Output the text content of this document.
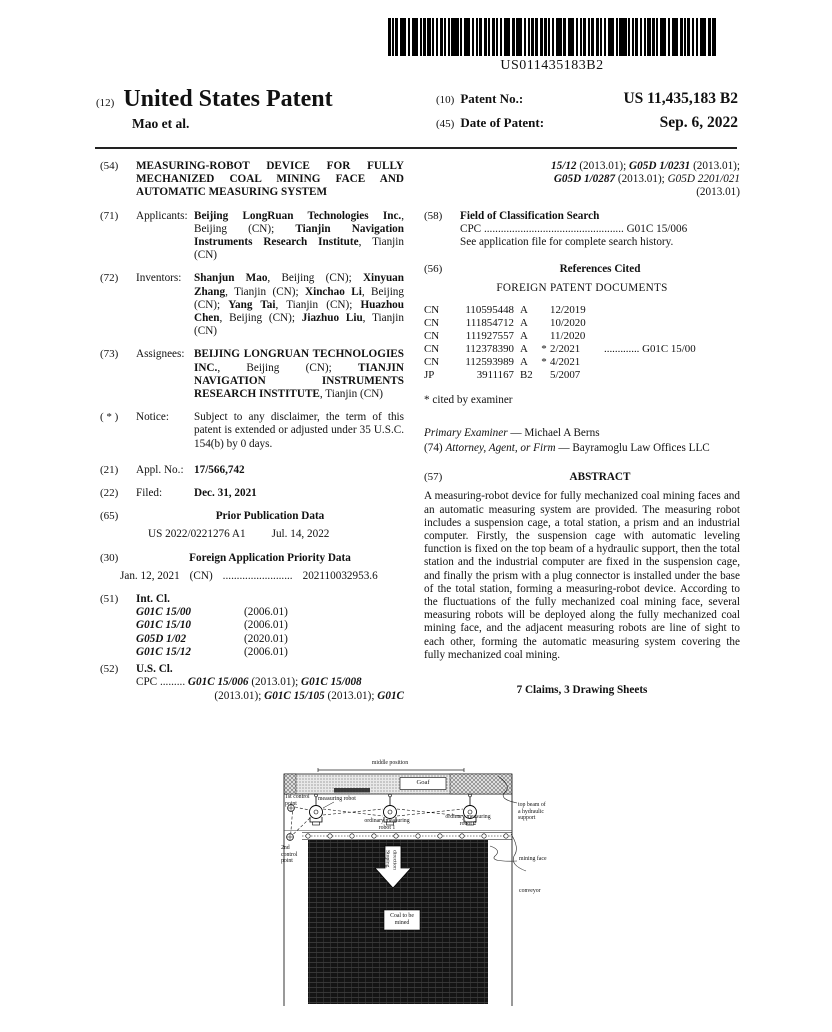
US011435183B2
(12) United States Patent
Mao et al.
(10) Patent No.:	US 11,435,183 B2
(45) Date of Patent:	Sep. 6, 2022
(54)	MEASURING-ROBOT DEVICE FOR FULLY MECHANIZED COAL MINING FACE AND AUTOMATIC MEASURING SYSTEM
(71)	Applicants: Beijing LongRuan Technologies Inc., Beijing (CN); Tianjin Navigation Instruments Research Institute, Tianjin (CN)
(72)	Inventors:	Shanjun Mao, Beijing (CN); Xinyuan Zhang, Tianjin (CN); Xinchao Li, Beijing (CN); Yang Tai, Tianjin (CN); Huazhou Chen, Beijing (CN); Jiazhuo Liu, Tianjin (CN)
(73)	Assignees: BEIJING LONGRUAN TECHNOLOGIES INC., Beijing (CN); TIANJIN NAVIGATION INSTRUMENTS RESEARCH INSTITUTE, Tianjin (CN)
( * )	Notice:	Subject to any disclaimer, the term of this patent is extended or adjusted under 35 U.S.C. 154(b) by 0 days.
(21)	Appl. No.: 17/566,742
(22)	Filed:	Dec. 31, 2021
(65)	Prior Publication Data
US 2022/0221276 A1 Jul. 14, 2022
(30)	Foreign Application Priority Data
Jan. 12, 2021 (CN) ......................... 202110032953.6
(51)	Int. Cl.
G01C 15/00	(2006.01)
G01C 15/10	(2006.01)
G05D 1/02	(2020.01)
G01C 15/12	(2006.01)
(52)	U.S. Cl.
CPC ......... G01C 15/006 (2013.01); G01C 15/008
(2013.01); G01C 15/105 (2013.01); G01C
15/12 (2013.01); G05D 1/0231 (2013.01);
G05D 1/0287 (2013.01); G05D 2201/021
(2013.01)
(58)	Field of Classification Search
CPC .................................................. G01C 15/006
See application file for complete search history.
(56)	References Cited
FOREIGN PATENT DOCUMENTS
CN	110595448 A	12/2019
CN	111854712 A	10/2020
CN	111927557 A	11/2020
CN	112378390 A	* 2/2021	............. G01C 15/00
CN	112593989 A	* 4/2021
JP	3911167 B2	5/2007
* cited by examiner
Primary Examiner — Michael A Berns
(74) Attorney, Agent, or Firm — Bayramoglu Law Offices LLC
(57)	ABSTRACT
A measuring-robot device for fully mechanized coal mining faces and an automatic measuring system are provided. The measuring robot includes a suspension cage, a total station, a prism and an industrial computer. Firstly, the suspension cage with automatic leveling function is fixed on the top beam of a hydraulic support, then the total station and the industrial computer are fixed in the suspension cage, and finally the prism with a plug connector is installed under the base of the total station, forming a measuring-robot device. According to the fluctuations of the fully mechanized coal mining face, several measuring robots will be deployed along the fully mechanized coal mining face, and the adjacent measuring robots are line of sight to each other, forming the automatic measuring system covering the fully mechanized coal mining.
7 Claims, 3 Drawing Sheets
middle position
Goaf
1st control point
measuring robot
ordinary measuring robot 1
ordinary measuring robot 2
2nd control point	Stoping direction
Coal to be mined
top beam of a hydraulic support
mining face
conveyor
